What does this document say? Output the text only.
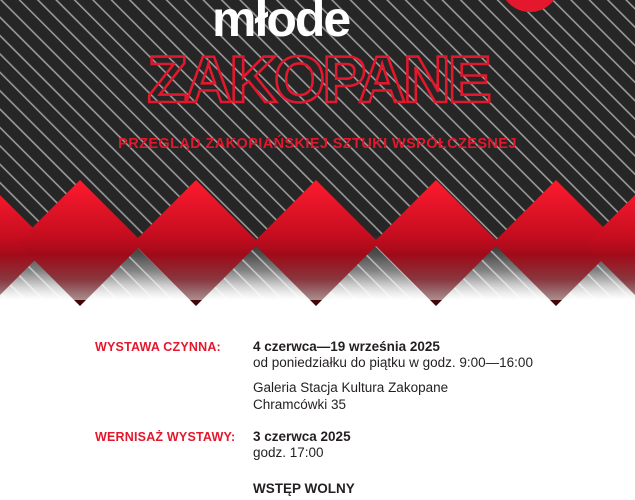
młode
ZAKOPANE
PRZEGLĄD ZAKOPIAŃSKIEJ SZTUKI WSPÓŁCZESNEJ
WYSTAWA CZYNNA: 4 czerwca—19 września 2025
od poniedziałku do piątku w godz. 9:00—16:00
Galeria Stacja Kultura Zakopane
Chramcówki 35
WERNISAŻ WYSTAWY: 3 czerwca 2025
godz. 17:00
WSTĘP WOLNY
